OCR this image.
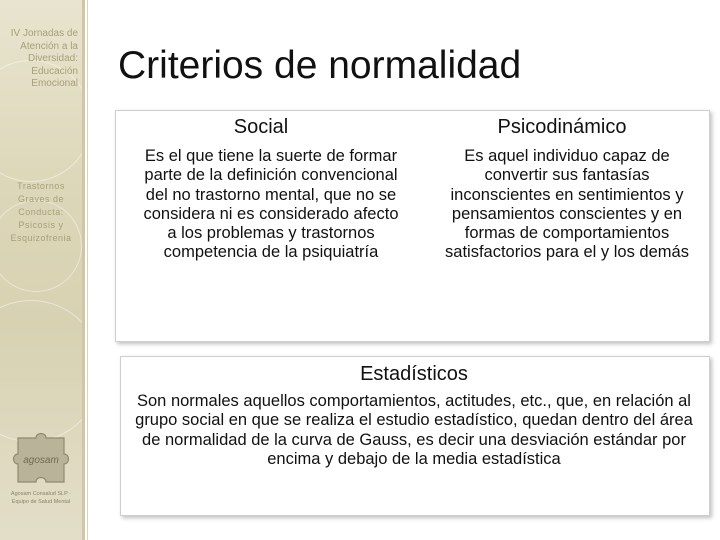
IV Jornadas de Atención a la Diversidad: Educación Emocional
Trastornos Graves de Conducta: Psicosis y Esquizofrenia
agosam
Agosam Consalud SLP · Equipo de Salud Mental
Criterios de normalidad
Social
Es el que tiene la suerte de formar parte de la definición convencional del no trastorno mental, que no se considera ni es considerado afecto a los problemas y trastornos competencia de la psiquiatría
Psicodinámico
Es aquel individuo capaz de convertir sus fantasías inconscientes en sentimientos y pensamientos conscientes y en formas de comportamientos satisfactorios para el y los demás
Estadísticos
Son normales aquellos comportamientos, actitudes, etc., que, en relación al grupo social en que se realiza el estudio estadístico, quedan dentro del área de normalidad de la curva de Gauss, es decir una desviación estándar por encima y debajo de la media estadística
